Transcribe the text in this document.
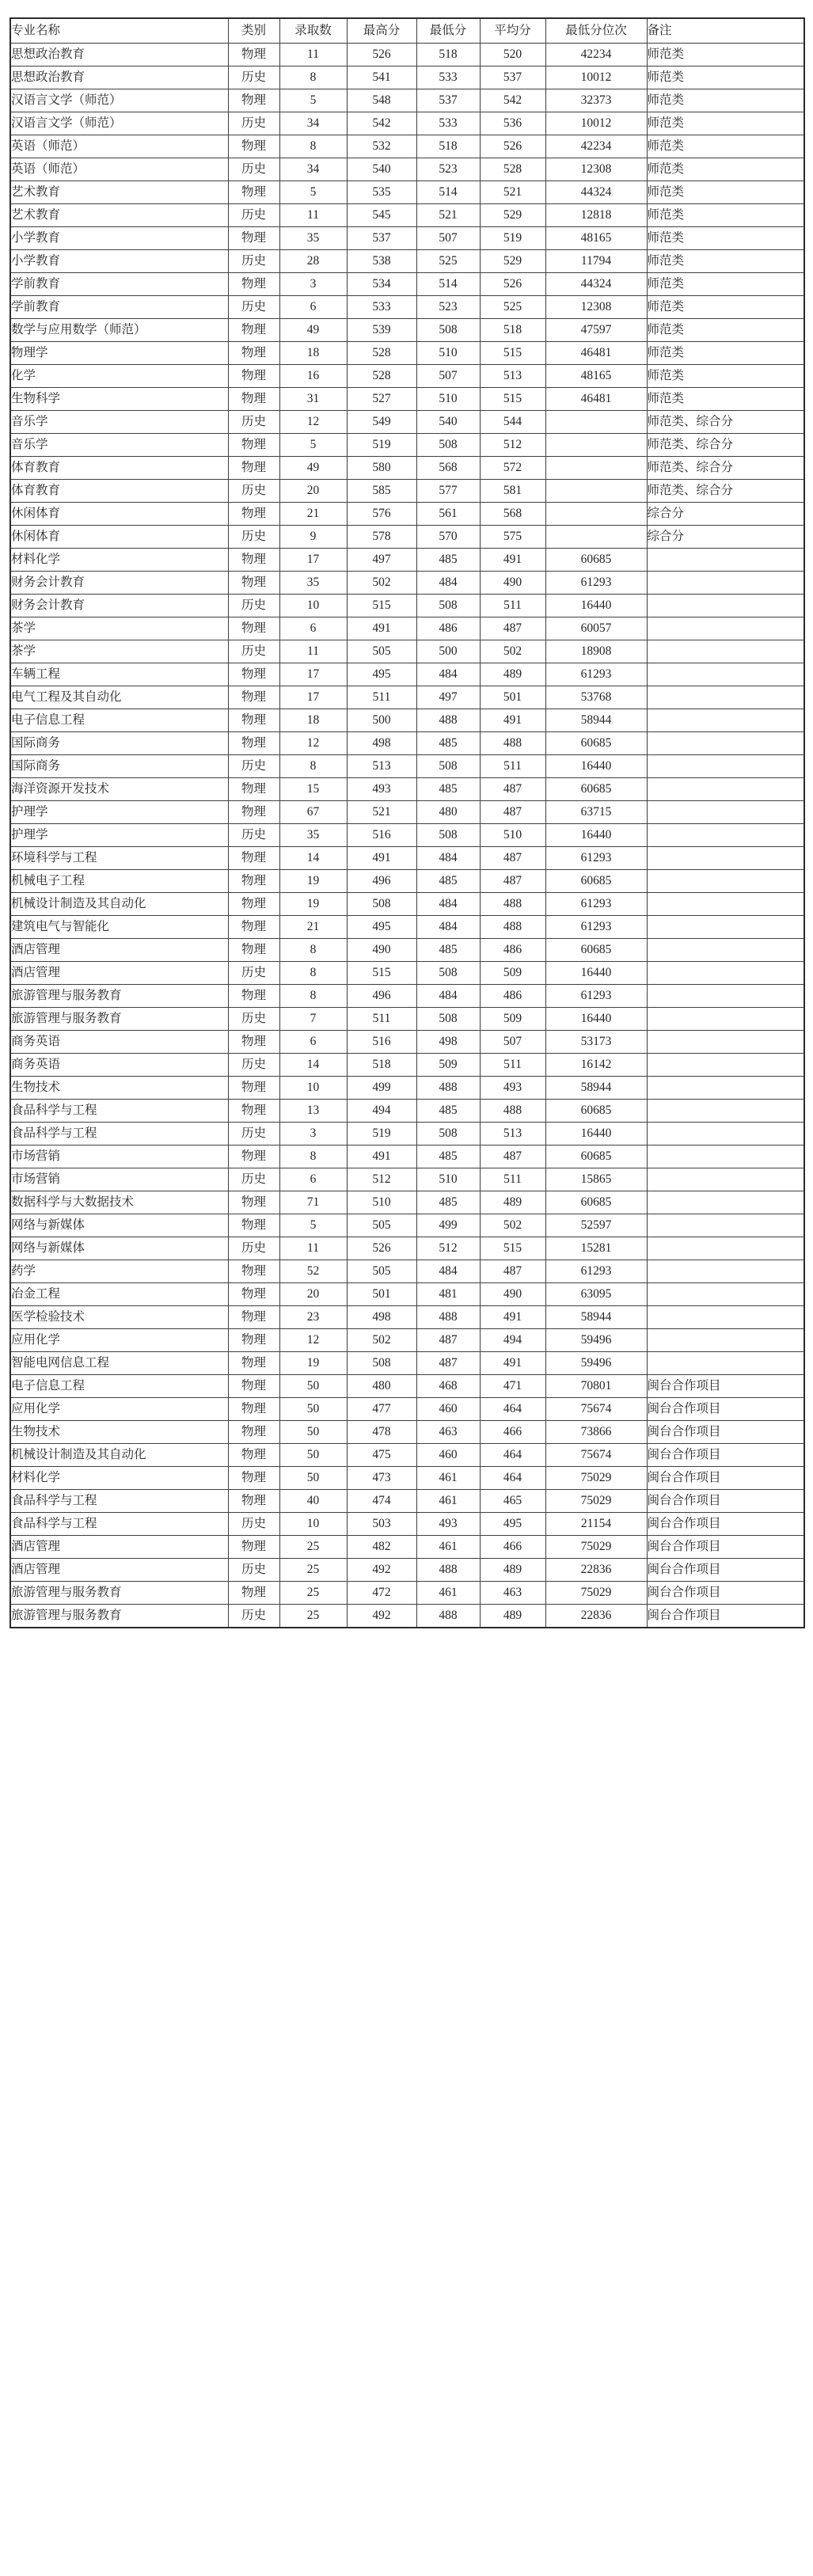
专业名称	类别	录取数	最高分	最低分	平均分	最低分位次	备注
思想政治教育	物理	11	526	518	520	42234	师范类
思想政治教育	历史	8	541	533	537	10012	师范类
汉语言文学（师范）	物理	5	548	537	542	32373	师范类
汉语言文学（师范）	历史	34	542	533	536	10012	师范类
英语（师范）	物理	8	532	518	526	42234	师范类
英语（师范）	历史	34	540	523	528	12308	师范类
艺术教育	物理	5	535	514	521	44324	师范类
艺术教育	历史	11	545	521	529	12818	师范类
小学教育	物理	35	537	507	519	48165	师范类
小学教育	历史	28	538	525	529	11794	师范类
学前教育	物理	3	534	514	526	44324	师范类
学前教育	历史	6	533	523	525	12308	师范类
数学与应用数学（师范）	物理	49	539	508	518	47597	师范类
物理学	物理	18	528	510	515	46481	师范类
化学	物理	16	528	507	513	48165	师范类
生物科学	物理	31	527	510	515	46481	师范类
音乐学	历史	12	549	540	544		师范类、综合分
音乐学	物理	5	519	508	512		师范类、综合分
体育教育	物理	49	580	568	572		师范类、综合分
体育教育	历史	20	585	577	581		师范类、综合分
休闲体育	物理	21	576	561	568		综合分
休闲体育	历史	9	578	570	575		综合分
材料化学	物理	17	497	485	491	60685	
财务会计教育	物理	35	502	484	490	61293	
财务会计教育	历史	10	515	508	511	16440	
茶学	物理	6	491	486	487	60057	
茶学	历史	11	505	500	502	18908	
车辆工程	物理	17	495	484	489	61293	
电气工程及其自动化	物理	17	511	497	501	53768	
电子信息工程	物理	18	500	488	491	58944	
国际商务	物理	12	498	485	488	60685	
国际商务	历史	8	513	508	511	16440	
海洋资源开发技术	物理	15	493	485	487	60685	
护理学	物理	67	521	480	487	63715	
护理学	历史	35	516	508	510	16440	
环境科学与工程	物理	14	491	484	487	61293	
机械电子工程	物理	19	496	485	487	60685	
机械设计制造及其自动化	物理	19	508	484	488	61293	
建筑电气与智能化	物理	21	495	484	488	61293	
酒店管理	物理	8	490	485	486	60685	
酒店管理	历史	8	515	508	509	16440	
旅游管理与服务教育	物理	8	496	484	486	61293	
旅游管理与服务教育	历史	7	511	508	509	16440	
商务英语	物理	6	516	498	507	53173	
商务英语	历史	14	518	509	511	16142	
生物技术	物理	10	499	488	493	58944	
食品科学与工程	物理	13	494	485	488	60685	
食品科学与工程	历史	3	519	508	513	16440	
市场营销	物理	8	491	485	487	60685	
市场营销	历史	6	512	510	511	15865	
数据科学与大数据技术	物理	71	510	485	489	60685	
网络与新媒体	物理	5	505	499	502	52597	
网络与新媒体	历史	11	526	512	515	15281	
药学	物理	52	505	484	487	61293	
冶金工程	物理	20	501	481	490	63095	
医学检验技术	物理	23	498	488	491	58944	
应用化学	物理	12	502	487	494	59496	
智能电网信息工程	物理	19	508	487	491	59496	
电子信息工程	物理	50	480	468	471	70801	闽台合作项目
应用化学	物理	50	477	460	464	75674	闽台合作项目
生物技术	物理	50	478	463	466	73866	闽台合作项目
机械设计制造及其自动化	物理	50	475	460	464	75674	闽台合作项目
材料化学	物理	50	473	461	464	75029	闽台合作项目
食品科学与工程	物理	40	474	461	465	75029	闽台合作项目
食品科学与工程	历史	10	503	493	495	21154	闽台合作项目
酒店管理	物理	25	482	461	466	75029	闽台合作项目
酒店管理	历史	25	492	488	489	22836	闽台合作项目
旅游管理与服务教育	物理	25	472	461	463	75029	闽台合作项目
旅游管理与服务教育	历史	25	492	488	489	22836	闽台合作项目
